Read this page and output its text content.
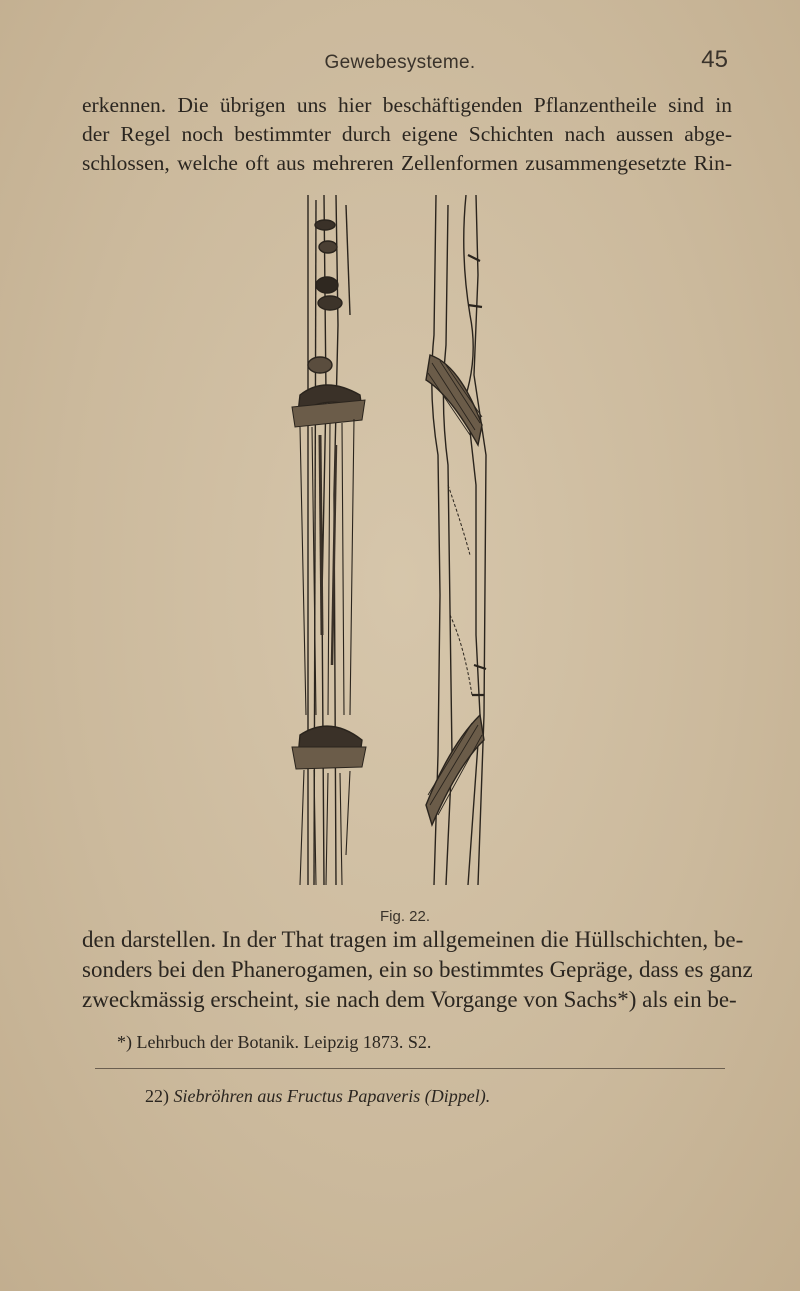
Gewebesysteme.	45
erkennen. Die übrigen uns hier beschäftigenden Pflanzentheile sind in
der Regel noch bestimmter durch eigene Schichten nach aussen abge-
schlossen, welche oft aus mehreren Zellenformen zusammengesetzte Rin-
Fig. 22.
den darstellen. In der That tragen im allgemeinen die Hüllschichten, be-
sonders bei den Phanerogamen, ein so bestimmtes Gepräge, dass es ganz
zweckmässig erscheint, sie nach dem Vorgange von Sachs*) als ein be-
*) Lehrbuch der Botanik. Leipzig 1873. S2.
22) Siebröhren aus Fructus Papaveris (Dippel).
